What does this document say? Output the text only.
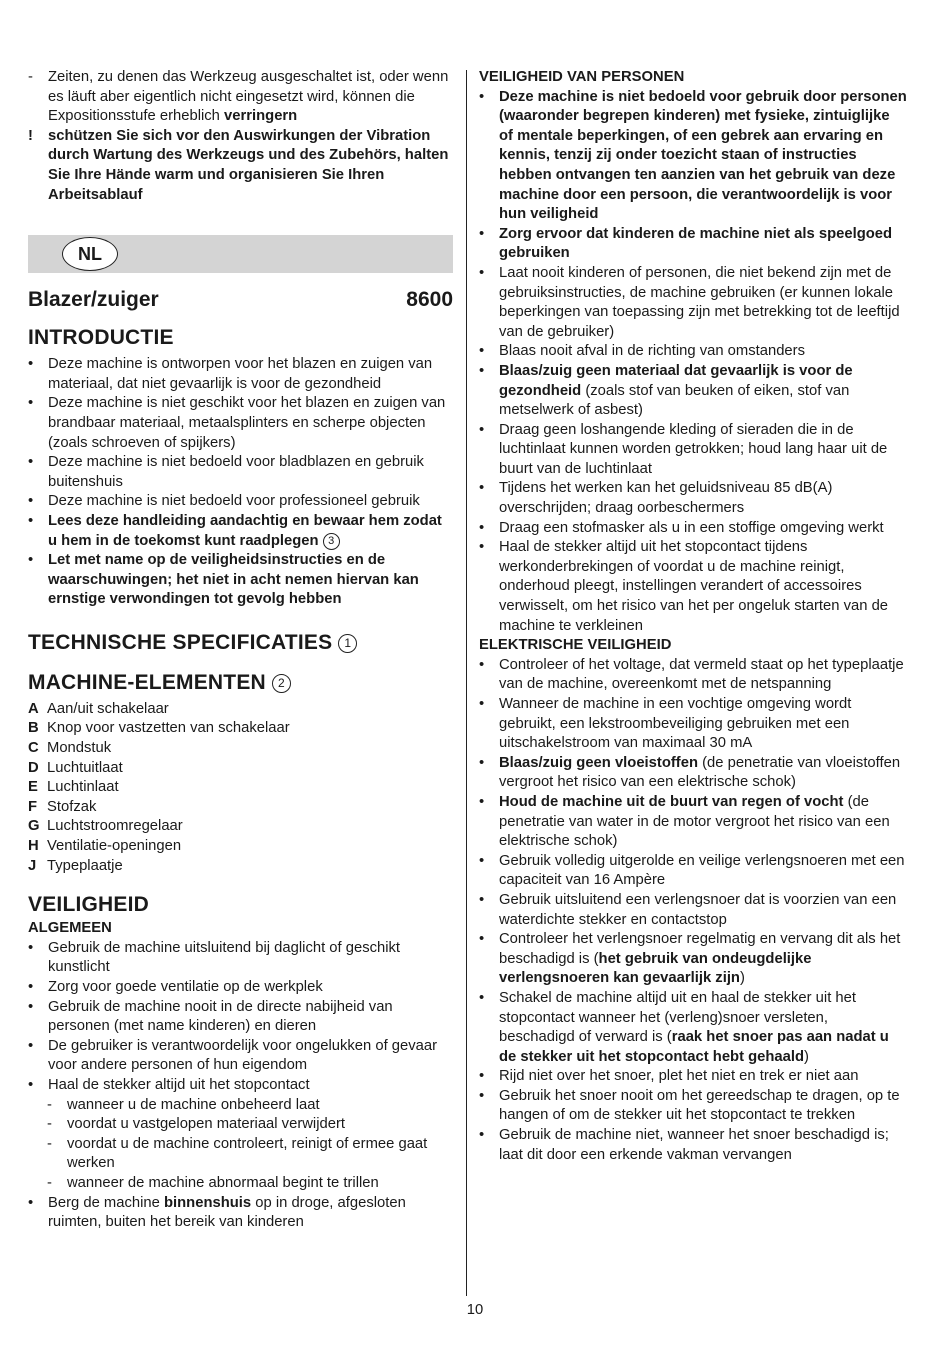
- Zeiten, zu denen das Werkzeug ausgeschaltet ist, oder wenn es läuft aber eigentlich nicht eingesetzt wird, können die Expositionsstufe erheblich verringern
! schützen Sie sich vor den Auswirkungen der Vibration durch Wartung des Werkzeugs und des Zubehörs, halten Sie Ihre Hände warm und organisieren Sie Ihren Arbeitsablauf
NL
Blazer/zuiger	8600
INTRODUCTIE
• Deze machine is ontworpen voor het blazen en zuigen van materiaal, dat niet gevaarlijk is voor de gezondheid
• Deze machine is niet geschikt voor het blazen en zuigen van brandbaar materiaal, metaalsplinters en scherpe objecten (zoals schroeven of spijkers)
• Deze machine is niet bedoeld voor bladblazen en gebruik buitenshuis
• Deze machine is niet bedoeld voor professioneel gebruik
• Lees deze handleiding aandachtig en bewaar hem zodat u hem in de toekomst kunt raadplegen 3
• Let met name op de veiligheidsinstructies en de waarschuwingen; het niet in acht nemen hiervan kan ernstige verwondingen tot gevolg hebben
TECHNISCHE SPECIFICATIES 1
MACHINE-ELEMENTEN 2
A Aan/uit schakelaar
B Knop voor vastzetten van schakelaar
C Mondstuk
D Luchtuitlaat
E Luchtinlaat
F Stofzak
G Luchtstroomregelaar
H Ventilatie-openingen
J Typeplaatje
VEILIGHEID
ALGEMEEN
• Gebruik de machine uitsluitend bij daglicht of geschikt kunstlicht
• Zorg voor goede ventilatie op de werkplek
• Gebruik de machine nooit in de directe nabijheid van personen (met name kinderen) en dieren
• De gebruiker is verantwoordelijk voor ongelukken of gevaar voor andere personen of hun eigendom
• Haal de stekker altijd uit het stopcontact
- wanneer u de machine onbeheerd laat
- voordat u vastgelopen materiaal verwijdert
- voordat u de machine controleert, reinigt of ermee gaat werken
- wanneer de machine abnormaal begint te trillen
• Berg de machine binnenshuis op in droge, afgesloten ruimten, buiten het bereik van kinderen
VEILIGHEID VAN PERSONEN
• Deze machine is niet bedoeld voor gebruik door personen (waaronder begrepen kinderen) met fysieke, zintuiglijke of mentale beperkingen, of een gebrek aan ervaring en kennis, tenzij zij onder toezicht staan of instructies hebben ontvangen ten aanzien van het gebruik van deze machine door een persoon, die verantwoordelijk is voor hun veiligheid
• Zorg ervoor dat kinderen de machine niet als speelgoed gebruiken
• Laat nooit kinderen of personen, die niet bekend zijn met de gebruiksinstructies, de machine gebruiken (er kunnen lokale beperkingen van toepassing zijn met betrekking tot de leeftijd van de gebruiker)
• Blaas nooit afval in de richting van omstanders
• Blaas/zuig geen materiaal dat gevaarlijk is voor de gezondheid (zoals stof van beuken of eiken, stof van metselwerk of asbest)
• Draag geen loshangende kleding of sieraden die in de luchtinlaat kunnen worden getrokken; houd lang haar uit de buurt van de luchtinlaat
• Tijdens het werken kan het geluidsniveau 85 dB(A) overschrijden; draag oorbeschermers
• Draag een stofmasker als u in een stoffige omgeving werkt
• Haal de stekker altijd uit het stopcontact tijdens werkonderbrekingen of voordat u de machine reinigt, onderhoud pleegt, instellingen verandert of accessoires verwisselt, om het risico van het per ongeluk starten van de machine te verkleinen
ELEKTRISCHE VEILIGHEID
• Controleer of het voltage, dat vermeld staat op het typeplaatje van de machine, overeenkomt met de netspanning
• Wanneer de machine in een vochtige omgeving wordt gebruikt, een lekstroombeveiliging gebruiken met een uitschakelstroom van maximaal 30 mA
• Blaas/zuig geen vloeistoffen (de penetratie van vloeistoffen vergroot het risico van een elektrische schok)
• Houd de machine uit de buurt van regen of vocht (de penetratie van water in de motor vergroot het risico van een elektrische schok)
• Gebruik volledig uitgerolde en veilige verlengsnoeren met een capaciteit van 16 Ampère
• Gebruik uitsluitend een verlengsnoer dat is voorzien van een waterdichte stekker en contactstop
• Controleer het verlengsnoer regelmatig en vervang dit als het beschadigd is (het gebruik van ondeugdelijke verlengsnoeren kan gevaarlijk zijn)
• Schakel de machine altijd uit en haal de stekker uit het stopcontact wanneer het (verleng)snoer versleten, beschadigd of verward is (raak het snoer pas aan nadat u de stekker uit het stopcontact hebt gehaald)
• Rijd niet over het snoer, plet het niet en trek er niet aan
• Gebruik het snoer nooit om het gereedschap te dragen, op te hangen of om de stekker uit het stopcontact te trekken
• Gebruik de machine niet, wanneer het snoer beschadigd is; laat dit door een erkende vakman vervangen
10
